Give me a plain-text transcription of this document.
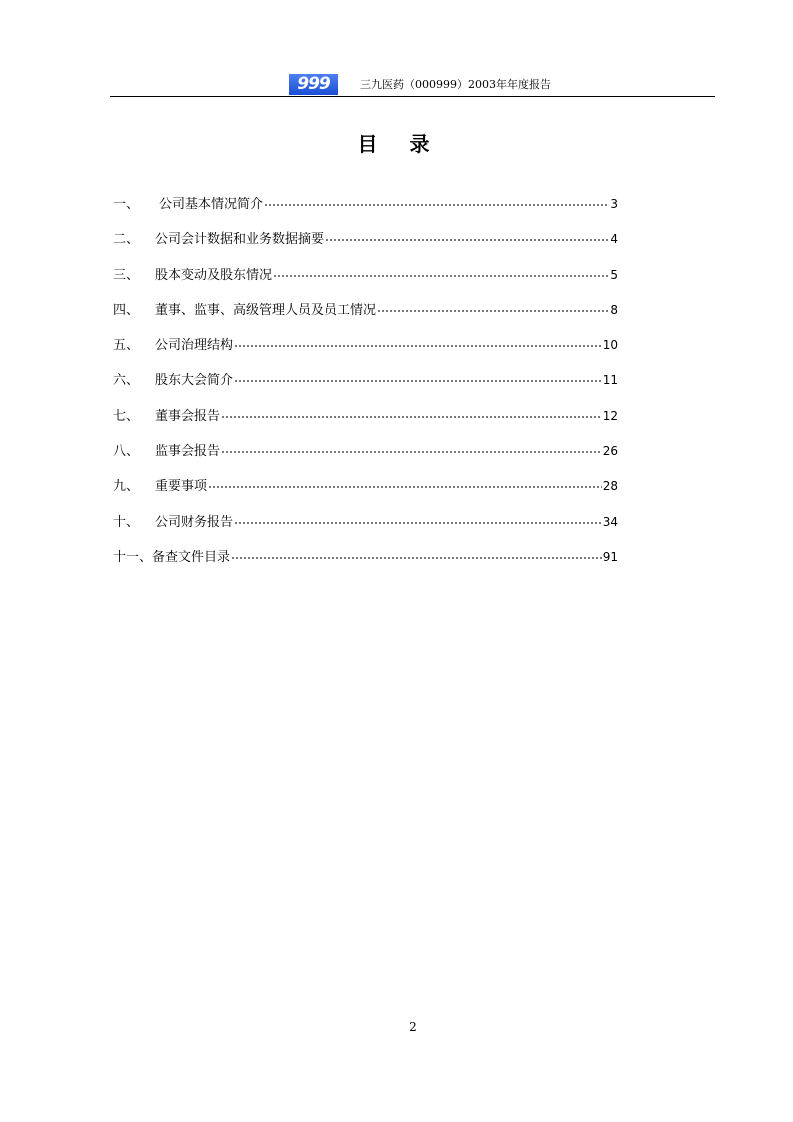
999	三九医药（000999）2003年年度报告
目  录
一、	公司基本情况简介	3
二、	公司会计数据和业务数据摘要	4
三、	股本变动及股东情况	5
四、	董事、监事、高级管理人员及员工情况	8
五、	公司治理结构	10
六、	股东大会简介	11
七、	董事会报告	12
八、	监事会报告	26
九、	重要事项	28
十、	公司财务报告	34
十一、 备查文件目录	91
2
